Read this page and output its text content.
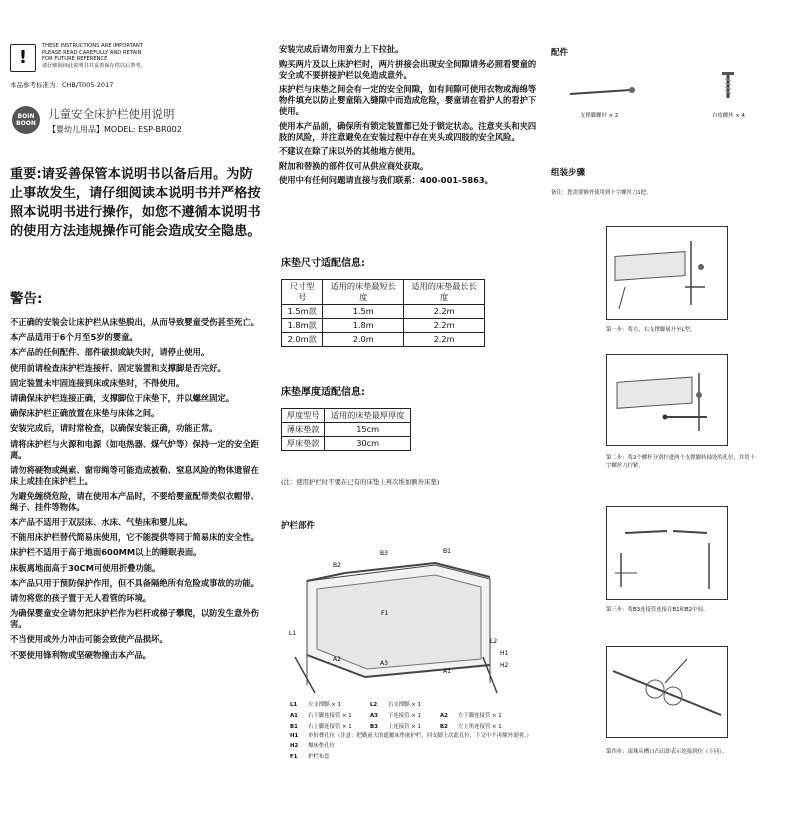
!
THESE INSTRUCTIONS ARE IMPORTANT
PLEASE READ CAREFULLY AND RETAIN
FOR FUTURE REFERENCE
请仔细阅读此说明书并妥善保存供以后参考。
本品参考标准为：CHB/T005-2017
BOIN BOON
儿童安全床护栏使用说明
【婴幼儿用品】MODEL: ESP-BR002
重要:请妥善保管本说明书以备后用。为防止事故发生，请仔细阅读本说明书并严格按照本说明书进行操作，如您不遵循本说明书的使用方法违规操作可能会造成安全隐患。
警告:

不正确的安装会让床护栏从床垫脱出，从而导致婴童受伤甚至死亡。

本产品适用于6个月至5岁的婴童。

本产品的任何配件、部件破损或缺失时，请停止使用。

使用前请检查床护栏连接杆、固定装置和支撑脚是否完好。

固定装置未牢固连接到床或床垫时，不得使用。

请确保床护栏连接正确，支撑脚位于床垫下，并以螺丝固定。

确保床护栏正确放置在床垫与床体之间。

安装完成后，请时常检查，以确保安装正确，功能正常。

请将床护栏与火源和电源（如电热器、煤气炉等）保持一定的安全距离。

请勿将硬物或绳索、窗帘绳等可能造成被勒、窒息风险的物体遗留在床上或挂在床护栏上。

为避免缠绕危险，请在使用本产品时，不要给婴童配带类似衣帽带、绳子、挂件等物体。

本产品不适用于双层床、水床、气垫床和婴儿床。

不能用床护栏替代简易床使用，它不能提供等同于简易床的安全性。

床护栏不适用于高于地面600MM以上的睡眠表面。

床板离地面高于30CM可使用折叠功能。

本产品只用于预防保护作用，但不具备隔绝所有危险或事故的功能。

请勿将您的孩子置于无人看管的环境。

为确保婴童安全请勿把床护栏作为栏杆或梯子攀爬，以防发生意外伤害。

不当使用或外力冲击可能会致使产品损坏。

不要使用锋利物或坚硬物撞击本产品。

安装完成后请勿用蛮力上下拉扯。

购买两片及以上床护栏时，两片拼接会出现安全间隙请务必照看婴童的安全或不要拼接护栏以免造成意外。

床护栏与床垫之间会有一定的安全间隙，如有间隙可使用衣物或海绵等物件填充以防止婴童陷入缝隙中而造成危险，婴童请在看护人的看护下使用。

使用本产品前，确保所有锁定装置都已处于锁定状态。注意夹头和夹四肢的风险，并注意避免在安装过程中存在夹头或四肢的安全风险。

不建议在除了床以外的其他地方使用。

附加和替换的部件仅可从供应商处获取。

使用中有任何问题请直接与我们联系：400-001-5863。

床垫尺寸适配信息:
尺寸型号	适用的床垫最短长度	适用的床垫最长长度
1.5m款	1.5m	2.2m
1.8m款	1.8m	2.2m
2.0m款	2.0m	2.2m
床垫厚度适配信息:
厚度型号	适用的床垫最厚厚度
薄床垫款	15cm
厚床垫款	30cm
(注：使用护栏时不要在已有的床垫上再次堆加额外床垫)
护栏部件
B2
B3	B1
F1
L1
L2
A2
A3
A1
H1
H2
L1 左支撑脚 × 1	L2 右支撑脚 × 1
A1 右下脚连接管 × 1	A3 下连接管 × 1	A2 左下脚连接管 × 1
B1 右上脚连接管 × 1	B3 上连接管 × 1	B2 左上角连接管 × 1
H1 单折叠孔位（注意：把勤前天的遮覆床垫嵌护栏，回支脚上次此孔位，下文中不再额外说明。）
H2 爆床垫孔位
F1 护栏布套
配件
支撑脚螺杆 × 2	自攻螺丝 × 4
组装步骤
备注：您需要额外使用到十字螺丝刀1把。
第一步：将左、右支撑脚展开至L型。
第二步：将2个螺杆分别拧进两个支撑脚转轴处的孔位，并用十字螺丝刀拧紧。
第三步：将B3连接管连接在B1和B2中间。
第四步：滚珠从槽口凸出即表示连接到位（下同）。
